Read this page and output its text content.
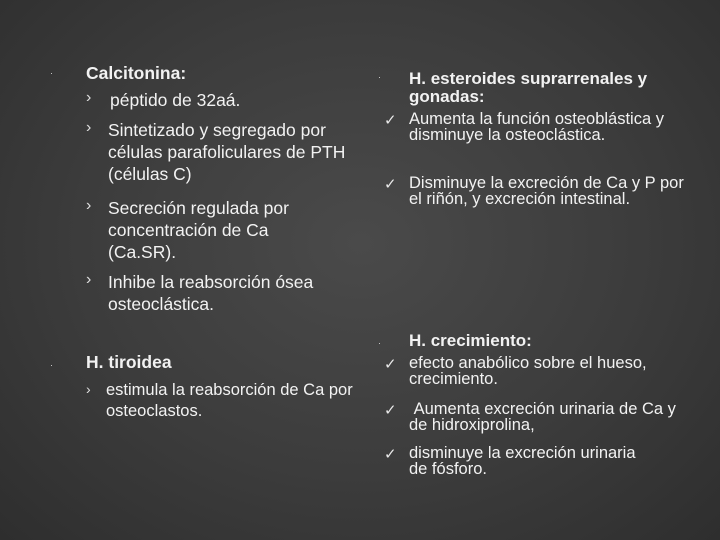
· Calcitonina:
› péptido de 32aá.
› Sintetizado y segregado por células parafoliculares de PTH (células C)
› Secreción regulada por concentración de Ca (Ca.SR).
› Inhibe la reabsorción ósea osteoclástica.
· H. tiroidea
› estimula la reabsorción de Ca por osteoclastos.
· H. esteroides suprarrenales y gonadas:
✓ Aumenta la función osteoblástica y disminuye la osteoclástica.
✓ Disminuye la excreción de Ca y P por el riñón, y excreción intestinal.
· H. crecimiento:
✓ efecto anabólico sobre el hueso, crecimiento.
✓ Aumenta excreción urinaria de Ca y de hidroxiprolina,
✓ disminuye la excreción urinaria de fósforo.
